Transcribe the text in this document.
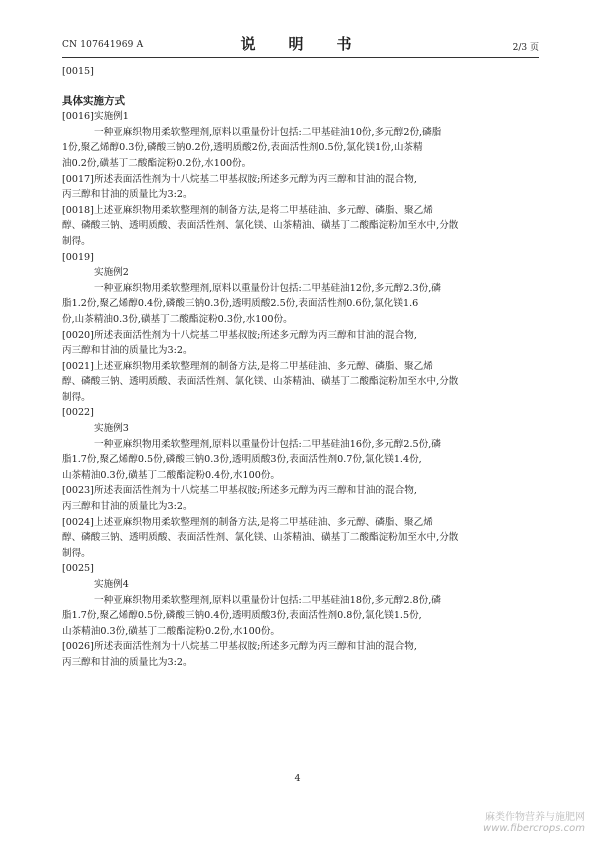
CN 107641969 A	说　明　书	2/3 页
[0015]
具体实施方式
[0016]实施例1
一种亚麻织物用柔软整理剂,原料以重量份计包括:二甲基硅油10份,多元醇2份,磷脂
1份,聚乙烯醇0.3份,磷酸三钠0.2份,透明质酸2份,表面活性剂0.5份,氯化镁1份,山茶精
油0.2份,磺基丁二酸酯淀粉0.2份,水100份。
[0017]所述表面活性剂为十八烷基二甲基叔胺;所述多元醇为丙三醇和甘油的混合物,
丙三醇和甘油的质量比为3:2。
[0018]上述亚麻织物用柔软整理剂的制备方法,是将二甲基硅油、多元醇、磷脂、聚乙烯
醇、磷酸三钠、透明质酸、表面活性剂、氯化镁、山茶精油、磺基丁二酸酯淀粉加至水中,分散
制得。
[0019]
实施例2
一种亚麻织物用柔软整理剂,原料以重量份计包括:二甲基硅油12份,多元醇2.3份,磷
脂1.2份,聚乙烯醇0.4份,磷酸三钠0.3份,透明质酸2.5份,表面活性剂0.6份,氯化镁1.6
份,山茶精油0.3份,磺基丁二酸酯淀粉0.3份,水100份。
[0020]所述表面活性剂为十八烷基二甲基叔胺;所述多元醇为丙三醇和甘油的混合物,
丙三醇和甘油的质量比为3:2。
[0021]上述亚麻织物用柔软整理剂的制备方法,是将二甲基硅油、多元醇、磷脂、聚乙烯
醇、磷酸三钠、透明质酸、表面活性剂、氯化镁、山茶精油、磺基丁二酸酯淀粉加至水中,分散
制得。
[0022]
实施例3
一种亚麻织物用柔软整理剂,原料以重量份计包括:二甲基硅油16份,多元醇2.5份,磷
脂1.7份,聚乙烯醇0.5份,磷酸三钠0.3份,透明质酸3份,表面活性剂0.7份,氯化镁1.4份,
山茶精油0.3份,磺基丁二酸酯淀粉0.4份,水100份。
[0023]所述表面活性剂为十八烷基二甲基叔胺;所述多元醇为丙三醇和甘油的混合物,
丙三醇和甘油的质量比为3:2。
[0024]上述亚麻织物用柔软整理剂的制备方法,是将二甲基硅油、多元醇、磷脂、聚乙烯
醇、磷酸三钠、透明质酸、表面活性剂、氯化镁、山茶精油、磺基丁二酸酯淀粉加至水中,分散
制得。
[0025]
实施例4
一种亚麻织物用柔软整理剂,原料以重量份计包括:二甲基硅油18份,多元醇2.8份,磷
脂1.7份,聚乙烯醇0.5份,磷酸三钠0.4份,透明质酸3份,表面活性剂0.8份,氯化镁1.5份,
山茶精油0.3份,磺基丁二酸酯淀粉0.2份,水100份。
[0026]所述表面活性剂为十八烷基二甲基叔胺;所述多元醇为丙三醇和甘油的混合物,
丙三醇和甘油的质量比为3:2。
4
麻类作物营养与施肥网
www.fibercrops.com
